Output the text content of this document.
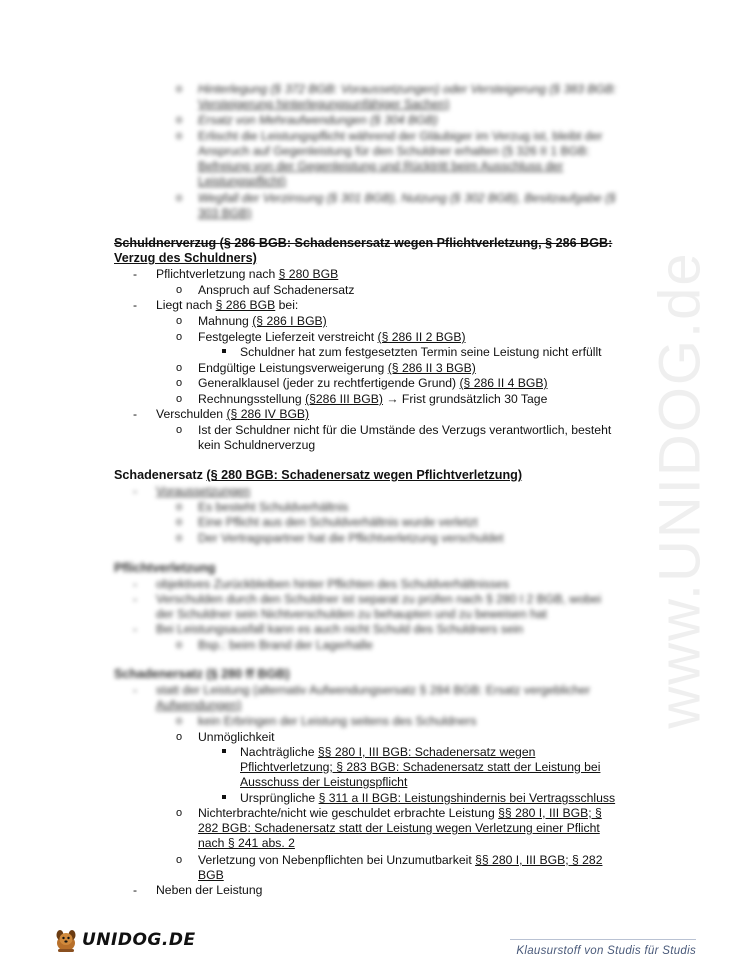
www.UNIDOG.de
o Hinterlegung (§ 372 BGB: Voraussetzungen) oder Versteigerung (§ 383 BGB:
Versteigerung hinterlegungsunfähiger Sachen)
o Ersatz von Mehraufwendungen (§ 304 BGB)
o Erlischt die Leistungspflicht während der Gläubiger im Verzug ist, bleibt der
Anspruch auf Gegenleistung für den Schuldner erhalten (§ 326 II 1 BGB:
Befreiung von der Gegenleistung und Rücktritt beim Ausschluss der
Leistungspflicht)
o Wegfall der Verzinsung (§ 301 BGB), Nutzung (§ 302 BGB), Besitzaufgabe (§
303 BGB)
Schuldnerverzug (§ 286 BGB: Schadensersatz wegen Pflichtverletzung, § 286 BGB:
Verzug des Schuldners)
- Pflichtverletzung nach § 280 BGB
o Anspruch auf Schadenersatz
- Liegt nach § 286 BGB bei:
o Mahnung (§ 286 I BGB)
o Festgelegte Lieferzeit verstreicht (§ 286 II 2 BGB)
Schuldner hat zum festgesetzten Termin seine Leistung nicht erfüllt
o Endgültige Leistungsverweigerung (§ 286 II 3 BGB)
o Generalklausel (jeder zu rechtfertigende Grund) (§ 286 II 4 BGB)
o Rechnungsstellung (§286 III BGB) → Frist grundsätzlich 30 Tage
- Verschulden (§ 286 IV BGB)
o Ist der Schuldner nicht für die Umstände des Verzugs verantwortlich, besteht
kein Schuldnerverzug
Schadenersatz (§ 280 BGB: Schadenersatz wegen Pflichtverletzung)
- Voraussetzungen
o Es besteht Schuldverhältnis
o Eine Pflicht aus den Schuldverhältnis wurde verletzt
o Der Vertragspartner hat die Pflichtverletzung verschuldet
Pflichtverletzung
- objektives Zurückbleiben hinter Pflichten des Schuldverhältnisses
- Verschulden durch den Schuldner ist separat zu prüfen nach § 280 I 2 BGB, wobei
der Schuldner sein Nichtverschulden zu behaupten und zu beweisen hat
- Bei Leistungsausfall kann es auch nicht Schuld des Schuldners sein
o Bsp.: beim Brand der Lagerhalle
Schadenersatz (§ 280 ff BGB)
- statt der Leistung (alternativ Aufwendungsersatz § 284 BGB: Ersatz vergeblicher
Aufwendungen)
o kein Erbringen der Leistung seitens des Schuldners
o Unmöglichkeit
Nachträgliche §§ 280 I, III BGB: Schadenersatz wegen
Pflichtverletzung; § 283 BGB: Schadenersatz statt der Leistung bei
Ausschuss der Leistungspflicht
Ursprüngliche § 311 a II BGB: Leistungshindernis bei Vertragsschluss
o Nichterbrachte/nicht wie geschuldet erbrachte Leistung §§ 280 I, III BGB; §
282 BGB: Schadenersatz statt der Leistung wegen Verletzung einer Pflicht
nach § 241 abs. 2
o Verletzung von Nebenpflichten bei Unzumutbarkeit §§ 280 I, III BGB; § 282
BGB
- Neben der Leistung
UNIDOG.DE
Klausurstoff von Studis für Studis
